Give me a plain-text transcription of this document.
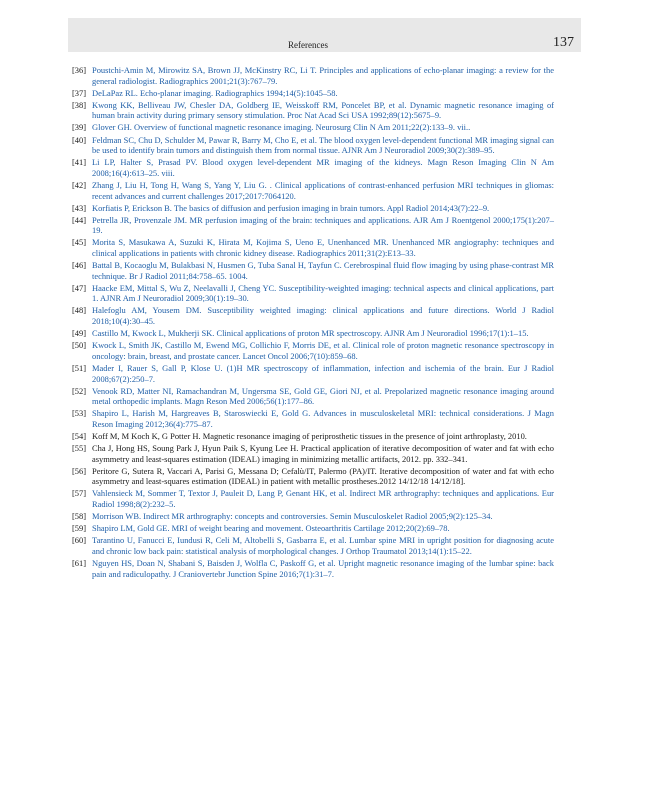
References	137
[36] Poustchi-Amin M, Mirowitz SA, Brown JJ, McKinstry RC, Li T. Principles and applications of echo-planar imaging: a review for the general radiologist. Radiographics 2001;21(3):767–79.
[37] DeLaPaz RL. Echo-planar imaging. Radiographics 1994;14(5):1045–58.
[38] Kwong KK, Belliveau JW, Chesler DA, Goldberg IE, Weisskoff RM, Poncelet BP, et al. Dynamic magnetic resonance imaging of human brain activity during primary sensory stimulation. Proc Nat Acad Sci USA 1992;89(12):5675–9.
[39] Glover GH. Overview of functional magnetic resonance imaging. Neurosurg Clin N Am 2011;22(2):133–9. vii..
[40] Feldman SC, Chu D, Schulder M, Pawar R, Barry M, Cho E, et al. The blood oxygen level-dependent functional MR imaging signal can be used to identify brain tumors and distinguish them from normal tissue. AJNR Am J Neuroradiol 2009;30(2):389–95.
[41] Li LP, Halter S, Prasad PV. Blood oxygen level-dependent MR imaging of the kidneys. Magn Reson Imaging Clin N Am 2008;16(4):613–25. viii.
[42] Zhang J, Liu H, Tong H, Wang S, Yang Y, Liu G. . Clinical applications of contrast-enhanced perfusion MRI techniques in gliomas: recent advances and current challenges 2017;2017:7064120.
[43] Korfiatis P, Erickson B. The basics of diffusion and perfusion imaging in brain tumors. Appl Radiol 2014;43(7):22–9.
[44] Petrella JR, Provenzale JM. MR perfusion imaging of the brain: techniques and applications. AJR Am J Roentgenol 2000;175(1):207–19.
[45] Morita S, Masukawa A, Suzuki K, Hirata M, Kojima S, Ueno E, Unenhanced MR. Unenhanced MR angiography: techniques and clinical applications in patients with chronic kidney disease. Radiographics 2011;31(2):E13–33.
[46] Battal B, Kocaoglu M, Bulakbasi N, Husmen G, Tuba Sanal H, Tayfun C. Cerebrospinal fluid flow imaging by using phase-contrast MR technique. Br J Radiol 2011;84:758–65. 1004.
[47] Haacke EM, Mittal S, Wu Z, Neelavalli J, Cheng YC. Susceptibility-weighted imaging: technical aspects and clinical applications, part 1. AJNR Am J Neuroradiol 2009;30(1):19–30.
[48] Halefoglu AM, Yousem DM. Susceptibility weighted imaging: clinical applications and future directions. World J Radiol 2018;10(4):30–45.
[49] Castillo M, Kwock L, Mukherji SK. Clinical applications of proton MR spectroscopy. AJNR Am J Neuroradiol 1996;17(1):1–15.
[50] Kwock L, Smith JK, Castillo M, Ewend MG, Collichio F, Morris DE, et al. Clinical role of proton magnetic resonance spectroscopy in oncology: brain, breast, and prostate cancer. Lancet Oncol 2006;7(10):859–68.
[51] Mader I, Rauer S, Gall P, Klose U. (1)H MR spectroscopy of inflammation, infection and ischemia of the brain. Eur J Radiol 2008;67(2):250–7.
[52] Venook RD, Matter NI, Ramachandran M, Ungersma SE, Gold GE, Giori NJ, et al. Prepolarized magnetic resonance imaging around metal orthopedic implants. Magn Reson Med 2006;56(1):177–86.
[53] Shapiro L, Harish M, Hargreaves B, Staroswiecki E, Gold G. Advances in musculoskeletal MRI: technical considerations. J Magn Reson Imaging 2012;36(4):775–87.
[54] Koff M, M Koch K, G Potter H. Magnetic resonance imaging of periprosthetic tissues in the presence of joint arthroplasty, 2010.
[55] Cha J, Hong HS, Soung Park J, Hyun Paik S, Kyung Lee H. Practical application of iterative decomposition of water and fat with echo asymmetry and least-squares estimation (IDEAL) imaging in minimizing metallic artifacts, 2012. pp. 332–341.
[56] Peritore G, Sutera R, Vaccari A, Parisi G, Messana D; Cefalù/IT, Palermo (PA)/IT. Iterative decomposition of water and fat with echo asymmetry and least-squares estimation (IDEAL) in patient with metallic prostheses.2012 14/12/18 14/12/18].
[57] Vahlensieck M, Sommer T, Textor J, Pauleit D, Lang P, Genant HK, et al. Indirect MR arthrography: techniques and applications. Eur Radiol 1998;8(2):232–5.
[58] Morrison WB. Indirect MR arthrography: concepts and controversies. Semin Musculoskelet Radiol 2005;9(2):125–34.
[59] Shapiro LM, Gold GE. MRI of weight bearing and movement. Osteoarthritis Cartilage 2012;20(2):69–78.
[60] Tarantino U, Fanucci E, Iundusi R, Celi M, Altobelli S, Gasbarra E, et al. Lumbar spine MRI in upright position for diagnosing acute and chronic low back pain: statistical analysis of morphological changes. J Orthop Traumatol 2013;14(1):15–22.
[61] Nguyen HS, Doan N, Shabani S, Baisden J, Wolfla C, Paskoff G, et al. Upright magnetic resonance imaging of the lumbar spine: back pain and radiculopathy. J Craniovertebr Junction Spine 2016;7(1):31–7.
